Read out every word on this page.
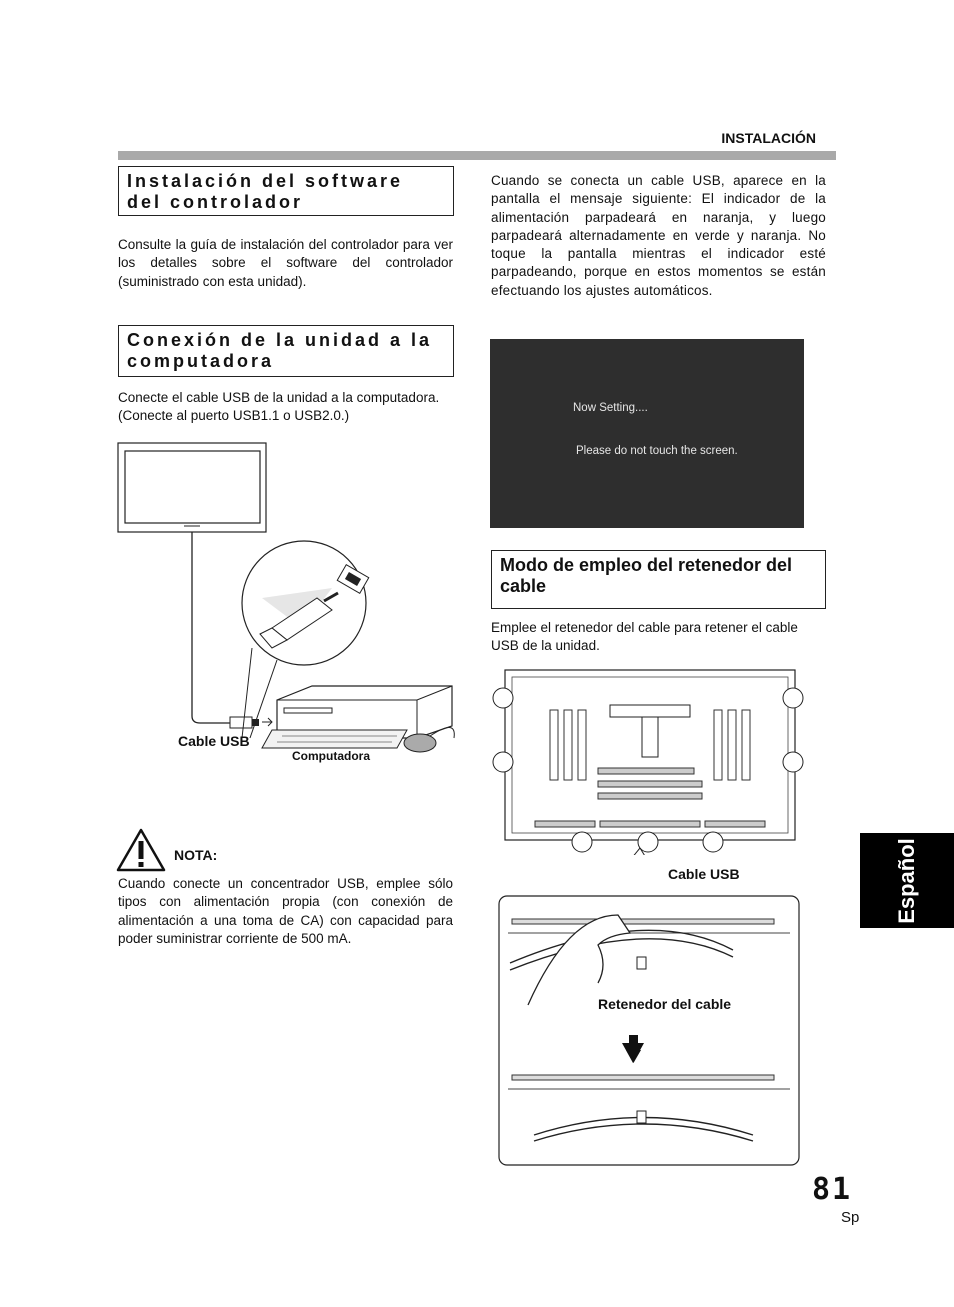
INSTALACIÓN
Instalación del software del controlador
Consulte la guía de instalación del controlador para ver los detalles sobre el software del controlador (suministrado con esta unidad).
Conexión de la unidad a la computadora
Conecte el cable USB de la unidad a la computadora. (Conecte al puerto USB1.1 o USB2.0.)
Cable USB
Computadora
NOTA:
Cuando conecte un concentrador USB, emplee sólo tipos con alimentación propia (con conexión de alimentación a una toma de CA) con capacidad para poder suministrar corriente de 500 mA.
Cuando se conecta un cable USB, aparece en la pantalla el mensaje siguiente: El indicador de la alimentación parpadeará en naranja, y luego parpadeará alternadamente en verde y naranja. No toque la pantalla mientras el indicador esté parpadeando, porque en estos momentos se están efectuando los ajustes automáticos.
Now Setting....
Please do not touch the screen.
Modo de empleo del retenedor del cable
Emplee el retenedor del cable para retener el cable USB de la unidad.
Cable USB
Retenedor del cable
Español
81
Sp
